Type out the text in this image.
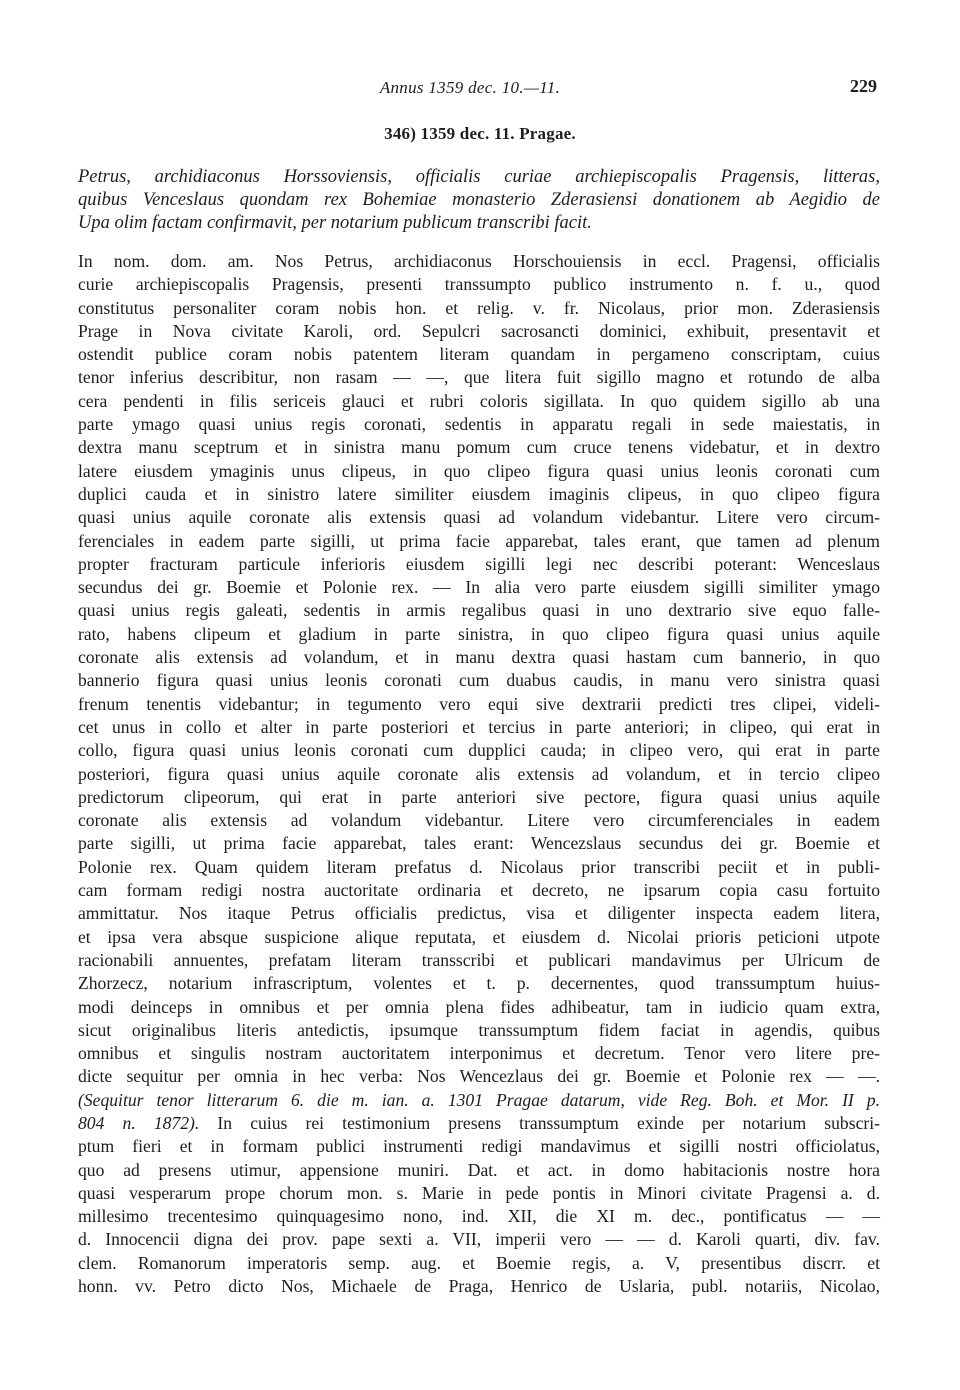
Annus 1359 dec. 10.—11.	229
346) 1359 dec. 11. Pragae.
Petrus, archidiaconus Horssoviensis, officialis curiae archiepiscopalis Pragensis, litteras,
quibus Venceslaus quondam rex Bohemiae monasterio Zderasiensi donationem ab Aegidio de
Upa olim factam confirmavit, per notarium publicum transcribi facit.
In nom. dom. am. Nos Petrus, archidiaconus Horschouiensis in eccl. Pragensi, officialis
curie archiepiscopalis Pragensis, presenti transsumpto publico instrumento n. f. u., quod
constitutus personaliter coram nobis hon. et relig. v. fr. Nicolaus, prior mon. Zderasiensis
Prage in Nova civitate Karoli, ord. Sepulcri sacrosancti dominici, exhibuit, presentavit et
ostendit publice coram nobis patentem literam quandam in pergameno conscriptam, cuius
tenor inferius describitur, non rasam — —, que litera fuit sigillo magno et rotundo de alba
cera pendenti in filis sericeis glauci et rubri coloris sigillata. In quo quidem sigillo ab una
parte ymago quasi unius regis coronati, sedentis in apparatu regali in sede maiestatis, in
dextra manu sceptrum et in sinistra manu pomum cum cruce tenens videbatur, et in dextro
latere eiusdem ymaginis unus clipeus, in quo clipeo figura quasi unius leonis coronati cum
duplici cauda et in sinistro latere similiter eiusdem imaginis clipeus, in quo clipeo figura
quasi unius aquile coronate alis extensis quasi ad volandum videbantur. Litere vero circum-
ferenciales in eadem parte sigilli, ut prima facie apparebat, tales erant, que tamen ad plenum
propter fracturam particule inferioris eiusdem sigilli legi nec describi poterant: Wenceslaus
secundus dei gr. Boemie et Polonie rex. — In alia vero parte eiusdem sigilli similiter ymago
quasi unius regis galeati, sedentis in armis regalibus quasi in uno dextrario sive equo falle-
rato, habens clipeum et gladium in parte sinistra, in quo clipeo figura quasi unius aquile
coronate alis extensis ad volandum, et in manu dextra quasi hastam cum bannerio, in quo
bannerio figura quasi unius leonis coronati cum duabus caudis, in manu vero sinistra quasi
frenum tenentis videbantur; in tegumento vero equi sive dextrarii predicti tres clipei, videli-
cet unus in collo et alter in parte posteriori et tercius in parte anteriori; in clipeo, qui erat in
collo, figura quasi unius leonis coronati cum dupplici cauda; in clipeo vero, qui erat in parte
posteriori, figura quasi unius aquile coronate alis extensis ad volandum, et in tercio clipeo
predictorum clipeorum, qui erat in parte anteriori sive pectore, figura quasi unius aquile
coronate alis extensis ad volandum videbantur. Litere vero circumferenciales in eadem
parte sigilli, ut prima facie apparebat, tales erant: Wencezslaus secundus dei gr. Boemie et
Polonie rex. Quam quidem literam prefatus d. Nicolaus prior transcribi peciit et in publi-
cam formam redigi nostra auctoritate ordinaria et decreto, ne ipsarum copia casu fortuito
ammittatur. Nos itaque Petrus officialis predictus, visa et diligenter inspecta eadem litera,
et ipsa vera absque suspicione alique reputata, et eiusdem d. Nicolai prioris peticioni utpote
racionabili annuentes, prefatam literam transscribi et publicari mandavimus per Ulricum de
Zhorzecz, notarium infrascriptum, volentes et t. p. decernentes, quod transsumptum huius-
modi deinceps in omnibus et per omnia plena fides adhibeatur, tam in iudicio quam extra,
sicut originalibus literis antedictis, ipsumque transsumptum fidem faciat in agendis, quibus
omnibus et singulis nostram auctoritatem interponimus et decretum. Tenor vero litere pre-
dicte sequitur per omnia in hec verba: Nos Wencezlaus dei gr. Boemie et Polonie rex — —.
(Sequitur tenor litterarum 6. die m. ian. a. 1301 Pragae datarum, vide Reg. Boh. et Mor. II p.
804 n. 1872). In cuius rei testimonium presens transsumptum exinde per notarium subscri-
ptum fieri et in formam publici instrumenti redigi mandavimus et sigilli nostri officiolatus,
quo ad presens utimur, appensione muniri. Dat. et act. in domo habitacionis nostre hora
quasi vesperarum prope chorum mon. s. Marie in pede pontis in Minori civitate Pragensi a. d.
millesimo trecentesimo quinquagesimo nono, ind. XII, die XI m. dec., pontificatus — —
d. Innocencii digna dei prov. pape sexti a. VII, imperii vero — — d. Karoli quarti, div. fav.
clem. Romanorum imperatoris semp. aug. et Boemie regis, a. V, presentibus discrr. et
honn. vv. Petro dicto Nos, Michaele de Praga, Henrico de Uslaria, publ. notariis, Nicolao,
